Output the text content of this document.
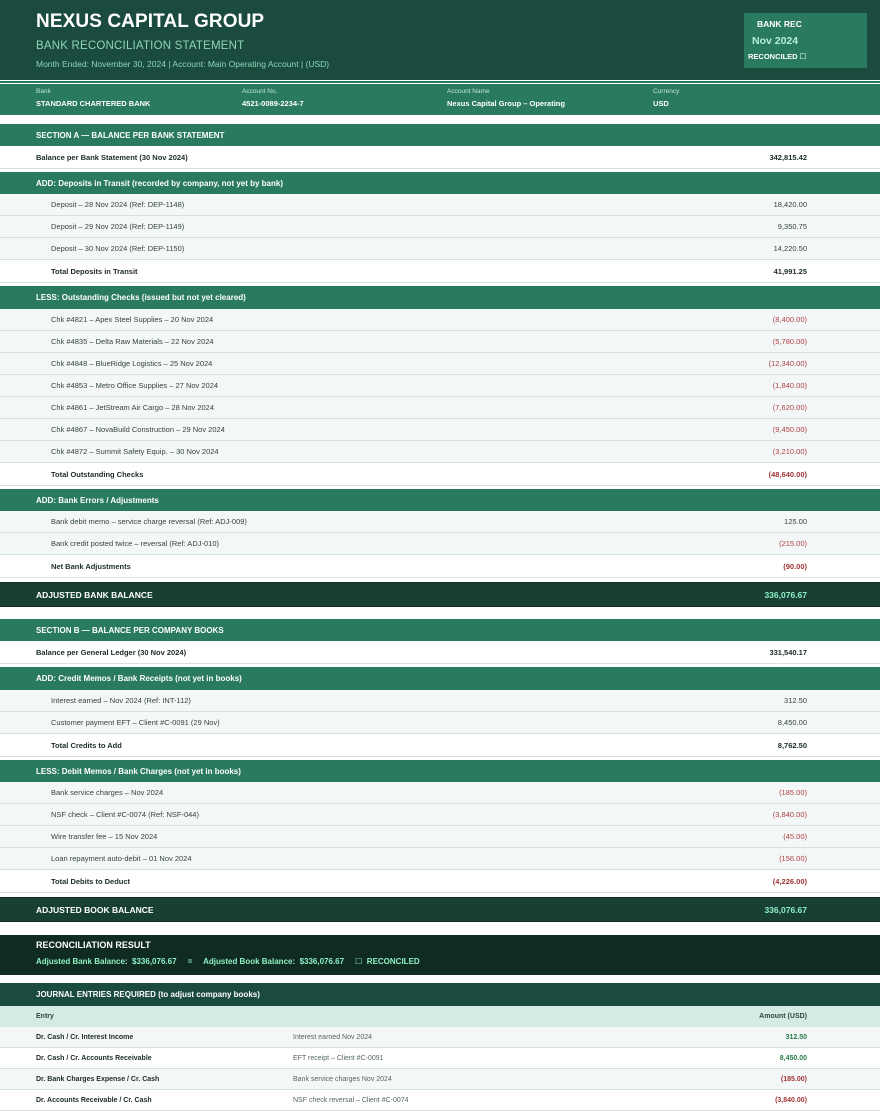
NEXUS CAPITAL GROUP
BANK RECONCILIATION STATEMENT
Month Ended: November 30, 2024 | Account: Main Operating Account | (USD)
BANK REC
Nov 2024
RECONCILED ☐
Bank
STANDARD CHARTERED BANK
Account No.
4521-0089-2234-7
Account Name
Nexus Capital Group – Operating
Currency
USD
SECTION A — BALANCE PER BANK STATEMENT
Balance per Bank Statement (30 Nov 2024)	342,815.42
ADD: Deposits in Transit (recorded by company, not yet by bank)
Deposit – 28 Nov 2024 (Ref: DEP-1148)	18,420.00
Deposit – 29 Nov 2024 (Ref: DEP-1149)	9,350.75
Deposit – 30 Nov 2024 (Ref: DEP-1150)	14,220.50
Total Deposits in Transit	41,991.25
LESS: Outstanding Checks (issued but not yet cleared)
Chk #4821 – Apex Steel Supplies – 20 Nov 2024	(8,400.00)
Chk #4835 – Delta Raw Materials – 22 Nov 2024	(5,780.00)
Chk #4848 – BlueRidge Logistics – 25 Nov 2024	(12,340.00)
Chk #4853 – Metro Office Supplies – 27 Nov 2024	(1,840.00)
Chk #4861 – JetStream Air Cargo – 28 Nov 2024	(7,620.00)
Chk #4867 – NovaBuild Construction – 29 Nov 2024	(9,450.00)
Chk #4872 – Summit Safety Equip. – 30 Nov 2024	(3,210.00)
Total Outstanding Checks	(48,640.00)
ADD: Bank Errors / Adjustments
Bank debit memo – service charge reversal (Ref: ADJ-009)	125.00
Bank credit posted twice – reversal (Ref: ADJ-010)	(215.00)
Net Bank Adjustments	(90.00)
ADJUSTED BANK BALANCE	336,076.67
SECTION B — BALANCE PER COMPANY BOOKS
Balance per General Ledger (30 Nov 2024)	331,540.17
ADD: Credit Memos / Bank Receipts (not yet in books)
Interest earned – Nov 2024 (Ref: INT-112)	312.50
Customer payment EFT – Client #C-0091 (29 Nov)	8,450.00
Total Credits to Add	8,762.50
LESS: Debit Memos / Bank Charges (not yet in books)
Bank service charges – Nov 2024	(185.00)
NSF check – Client #C-0074 (Ref: NSF-044)	(3,840.00)
Wire transfer fee – 15 Nov 2024	(45.00)
Loan repayment auto-debit – 01 Nov 2024	(156.00)
Total Debits to Deduct	(4,226.00)
ADJUSTED BOOK BALANCE	336,076.67
RECONCILIATION RESULT
Adjusted Bank Balance:  $336,076.67     =     Adjusted Book Balance:  $336,076.67     ☐  RECONCILED
JOURNAL ENTRIES REQUIRED (to adjust company books)
Entry	Amount (USD)
Dr. Cash / Cr. Interest Income	Interest earned Nov 2024	312.50
Dr. Cash / Cr. Accounts Receivable	EFT receipt – Client #C-0091	8,450.00
Dr. Bank Charges Expense / Cr. Cash	Bank service charges Nov 2024	(185.00)
Dr. Accounts Receivable / Cr. Cash	NSF check reversal – Client #C-0074	(3,840.00)
